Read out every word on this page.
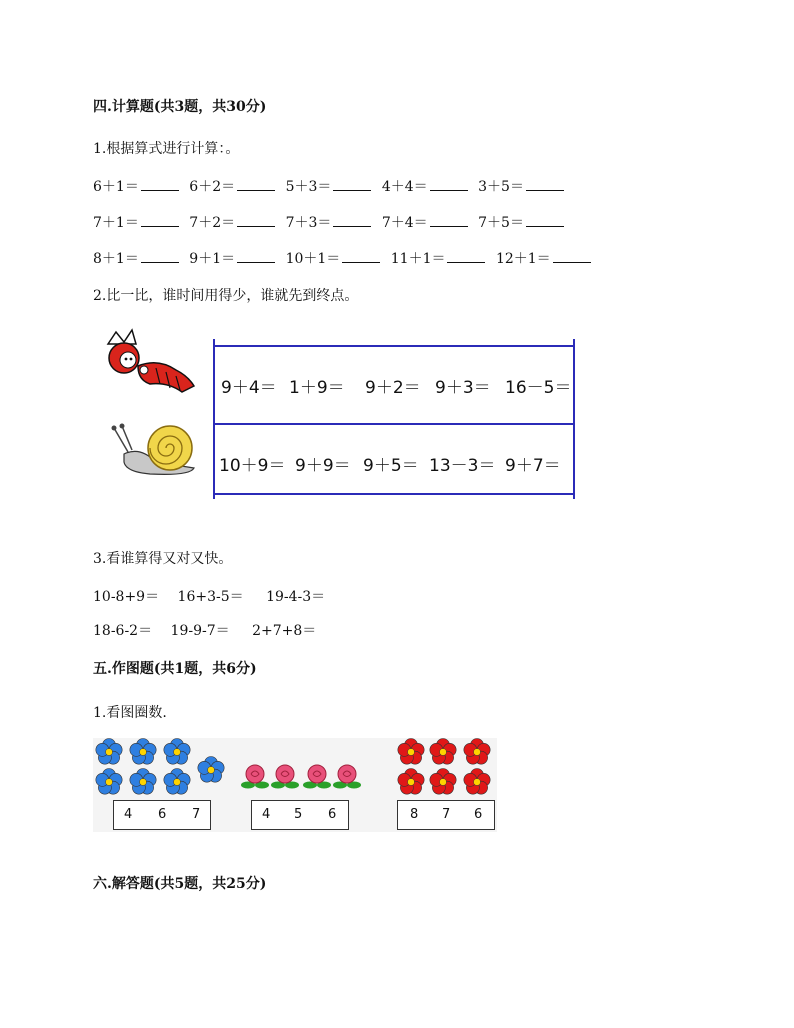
四.计算题(共3题，共30分)
1.根据算式进行计算：。
6＋1＝	6＋2＝	5＋3＝	4＋4＝	3＋5＝
7＋1＝	7＋2＝	7＋3＝	7＋4＝	7＋5＝
8＋1＝	9＋1＝	10＋1＝	11＋1＝	12＋1＝
2.比一比，谁时间用得少，谁就先到终点。
9＋4＝ 1＋9＝ 9＋2＝ 9＋3＝ 16－5＝
10＋9＝ 9＋9＝ 9＋5＝ 13－3＝ 9＋7＝
3.看谁算得又对又快。
10-8+9＝ 16+3-5＝ 19-4-3＝
18-6-2＝ 19-9-7＝ 2+7+8＝
五.作图题(共1题，共6分)
1.看图圈数.
4 6 7	4 5 6	8 7 6
六.解答题(共5题，共25分)
